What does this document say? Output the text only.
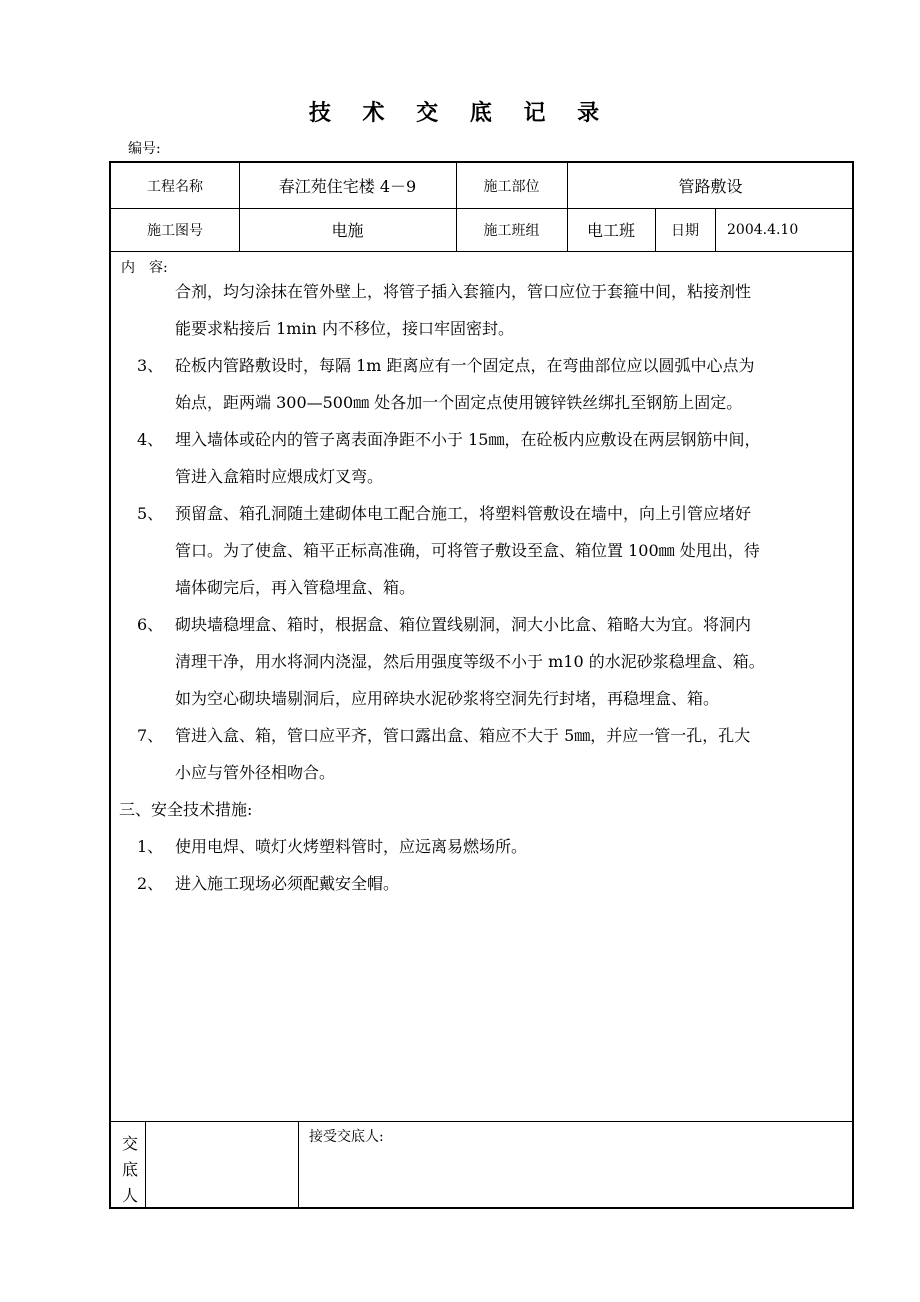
技 术 交 底 记 录
编号:
工程名称	春江苑住宅楼 4－9	施工部位	管路敷设
施工图号	电施	施工班组	电工班	日期	2004.4.10
内　容:
合剂，均匀涂抹在管外壁上，将管子插入套箍内，管口应位于套箍中间，粘接剂性
能要求粘接后 1min 内不移位，接口牢固密封。
3、 砼板内管路敷设时，每隔 1m 距离应有一个固定点，在弯曲部位应以圆弧中心点为
始点，距两端 300—500㎜ 处各加一个固定点使用镀锌铁丝绑扎至钢筋上固定。
4、 埋入墙体或砼内的管子离表面净距不小于 15㎜，在砼板内应敷设在两层钢筋中间，
管进入盒箱时应煨成灯叉弯。
5、 预留盒、箱孔洞随土建砌体电工配合施工，将塑料管敷设在墙中，向上引管应堵好
管口。为了使盒、箱平正标高准确，可将管子敷设至盒、箱位置 100㎜ 处甩出，待
墙体砌完后，再入管稳埋盒、箱。
6、 砌块墙稳埋盒、箱时，根据盒、箱位置线剔洞，洞大小比盒、箱略大为宜。将洞内
清理干净，用水将洞内浇湿，然后用强度等级不小于 m10 的水泥砂浆稳埋盒、箱。
如为空心砌块墙剔洞后，应用碎块水泥砂浆将空洞先行封堵，再稳埋盒、箱。
7、 管进入盒、箱，管口应平齐，管口露出盒、箱应不大于 5㎜，并应一管一孔，孔大
小应与管外径相吻合。
三、安全技术措施:
1、 使用电焊、喷灯火烤塑料管时，应远离易燃场所。
2、 进入施工现场必须配戴安全帽。
交
底
人
接受交底人:
